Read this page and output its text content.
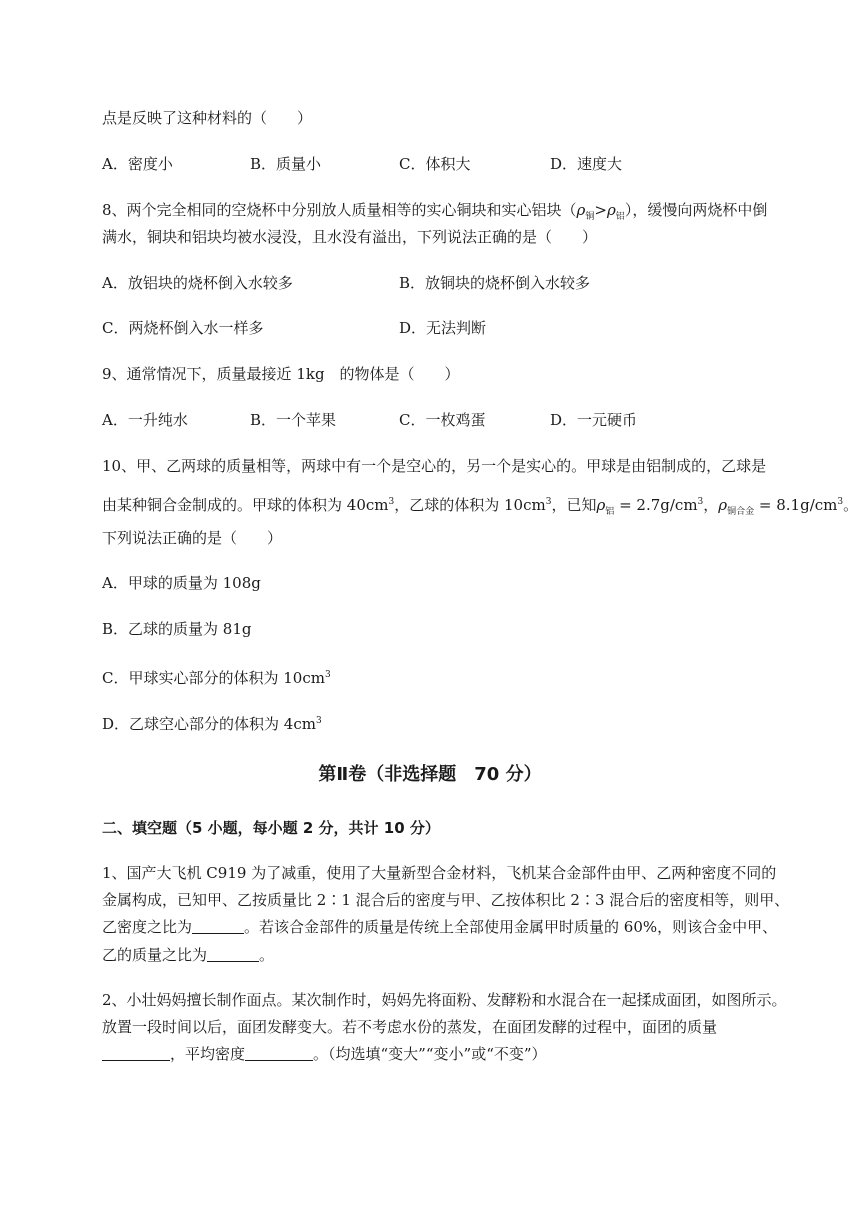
点是反映了这种材料的（　　）
A．密度小	B．质量小	C．体积大	D．速度大
8、两个完全相同的空烧杯中分别放人质量相等的实心铜块和实心铝块$(\rho_铜>\rho_铝)$，缓慢向两烧杯中倒
满水，铜块和铝块均被水浸没，且水没有溢出，下列说法正确的是（　　）
A．放铝块的烧杯倒入水较多	B．放铜块的烧杯倒入水较多
C．两烧杯倒入水一样多	D．无法判断
9、通常情况下，质量最接近 1kg　的物体是（　　）
A．一升纯水	B．一个苹果	C．一枚鸡蛋	D．一元硬币
10、甲、乙两球的质量相等，两球中有一个是空心的，另一个是实心的。甲球是由铝制成的，乙球是
由某种铜合金制成的。甲球的体积为 $40cm^3$，乙球的体积为 $10cm^3$，已知$\rho_铝 = 2.7g/cm^3$，$\rho_{铜合金} = 8.1g/cm^3$。
下列说法正确的是（　　）
A．甲球的质量为 108g
B．乙球的质量为 81g
C．甲球实心部分的体积为 $10cm^3$
D．乙球空心部分的体积为 $4cm^3$
第Ⅱ卷（非选择题　70 分）
二、填空题（5 小题，每小题 2 分，共计 10 分）
1、国产大飞机 C919 为了减重，使用了大量新型合金材料，飞机某合金部件由甲、乙两种密度不同的
金属构成，已知甲、乙按质量比 2∶1 混合后的密度与甲、乙按体积比 2∶3 混合后的密度相等，则甲、
乙密度之比为	。若该合金部件的质量是传统上全部使用金属甲时质量的 60%，则该合金中甲、
乙的质量之比为	。
2、小壮妈妈擅长制作面点。某次制作时，妈妈先将面粉、发酵粉和水混合在一起揉成面团，如图所示。
放置一段时间以后，面团发酵变大。若不考虑水份的蒸发，在面团发酵的过程中，面团的质量
，平均密度	。（均选填“变大”“变小”或“不变”）
